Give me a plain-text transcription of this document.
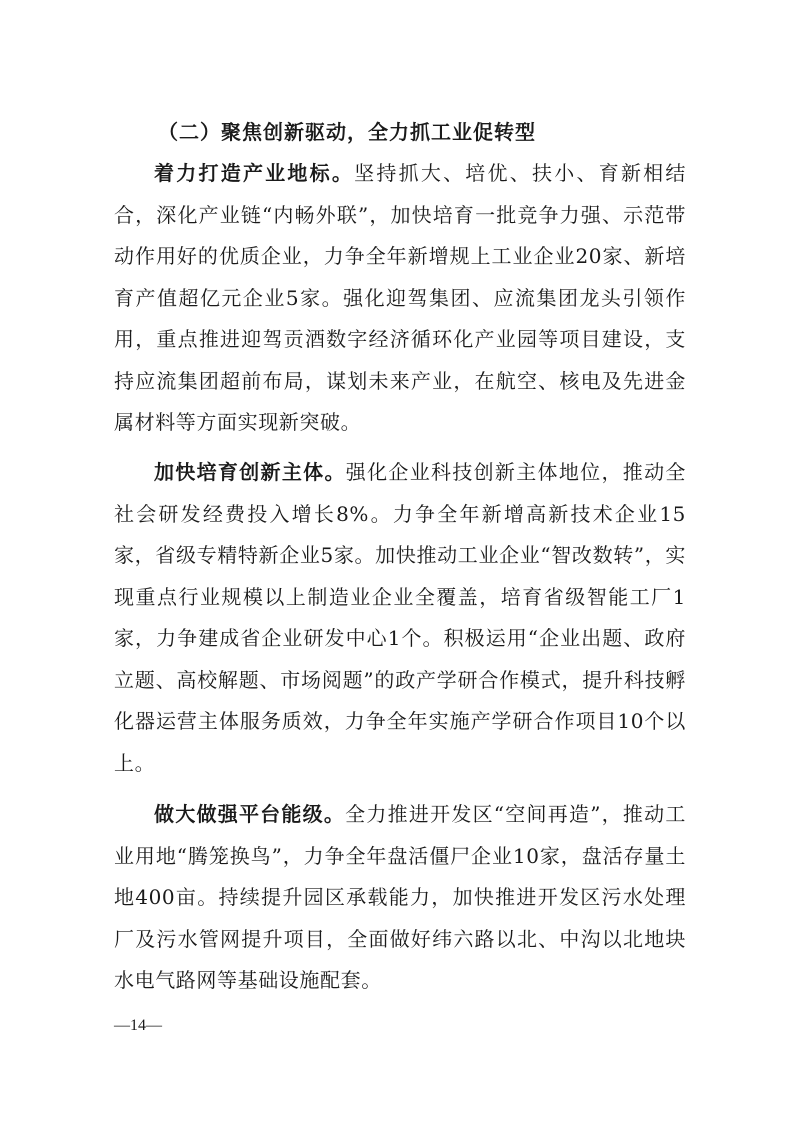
（二）聚焦创新驱动，全力抓工业促转型

着力打造产业地标。坚持抓大、培优、扶小、育新相结合，深化产业链“内畅外联”，加快培育一批竞争力强、示范带动作用好的优质企业，力争全年新增规上工业企业20家、新培育产值超亿元企业5家。强化迎驾集团、应流集团龙头引领作用，重点推进迎驾贡酒数字经济循环化产业园等项目建设，支持应流集团超前布局，谋划未来产业，在航空、核电及先进金属材料等方面实现新突破。

加快培育创新主体。强化企业科技创新主体地位，推动全社会研发经费投入增长8%。力争全年新增高新技术企业15家，省级专精特新企业5家。加快推动工业企业“智改数转”，实现重点行业规模以上制造业企业全覆盖，培育省级智能工厂1家，力争建成省企业研发中心1个。积极运用“企业出题、政府立题、高校解题、市场阅题”的政产学研合作模式，提升科技孵化器运营主体服务质效，力争全年实施产学研合作项目10个以上。

做大做强平台能级。全力推进开发区“空间再造”，推动工业用地“腾笼换鸟”，力争全年盘活僵尸企业10家，盘活存量土地400亩。持续提升园区承载能力，加快推进开发区污水处理厂及污水管网提升项目，全面做好纬六路以北、中沟以北地块水电气路网等基础设施配套。

—14—
